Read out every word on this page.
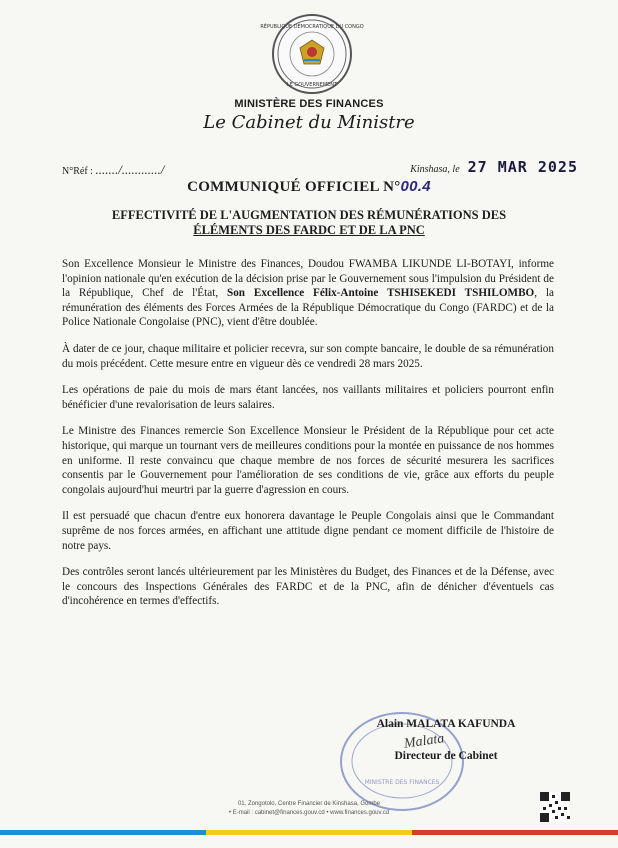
RÉPUBLIQUE DÉMOCRATIQUE DU CONGO
LE GOUVERNEMENT
MINISTÈRE DES FINANCES
Le Cabinet du Ministre
N°Réf : ......./............/	Kinshasa, le 27 MAR 2025
COMMUNIQUÉ OFFICIEL N°00.4
EFFECTIVITÉ DE L'AUGMENTATION DES RÉMUNÉRATIONS DES
ÉLÉMENTS DES FARDC ET DE LA PNC

Son Excellence Monsieur le Ministre des Finances, Doudou FWAMBA LIKUNDE LI-BOTAYI, informe l'opinion nationale qu'en exécution de la décision prise par le Gouvernement sous l'impulsion du Président de la République, Chef de l'État, Son Excellence Félix-Antoine TSHISEKEDI TSHILOMBO, la rémunération des éléments des Forces Armées de la République Démocratique du Congo (FARDC) et de la Police Nationale Congolaise (PNC), vient d'être doublée.

À dater de ce jour, chaque militaire et policier recevra, sur son compte bancaire, le double de sa rémunération du mois précédent. Cette mesure entre en vigueur dès ce vendredi 28 mars 2025.

Les opérations de paie du mois de mars étant lancées, nos vaillants militaires et policiers pourront enfin bénéficier d'une revalorisation de leurs salaires.

Le Ministre des Finances remercie Son Excellence Monsieur le Président de la République pour cet acte historique, qui marque un tournant vers de meilleures conditions pour la montée en puissance de nos hommes en uniforme. Il reste convaincu que chaque membre de nos forces de sécurité mesurera les sacrifices consentis par le Gouvernement pour l'amélioration de ses conditions de vie, grâce aux efforts du peuple congolais aujourd'hui meurtri par la guerre d'agression en cours.

Il est persuadé que chacun d'entre eux honorera davantage le Peuple Congolais ainsi que le Commandant suprême de nos forces armées, en affichant une attitude digne pendant ce moment difficile de l'histoire de notre pays.

Des contrôles seront lancés ultérieurement par les Ministères du Budget, des Finances et de la Défense, avec le concours des Inspections Générales des FARDC et de la PNC, afin de dénicher d'éventuels cas d'incohérence en termes d'effectifs.

MINISTRE DES FINANCES
Alain MALATA KAFUNDA
Directeur de Cabinet
Malata
01, Zongotolo, Centre Financier de Kinshasa, Gombe
• E-mail : cabinet@finances.gouv.cd • www.finances.gouv.cd
